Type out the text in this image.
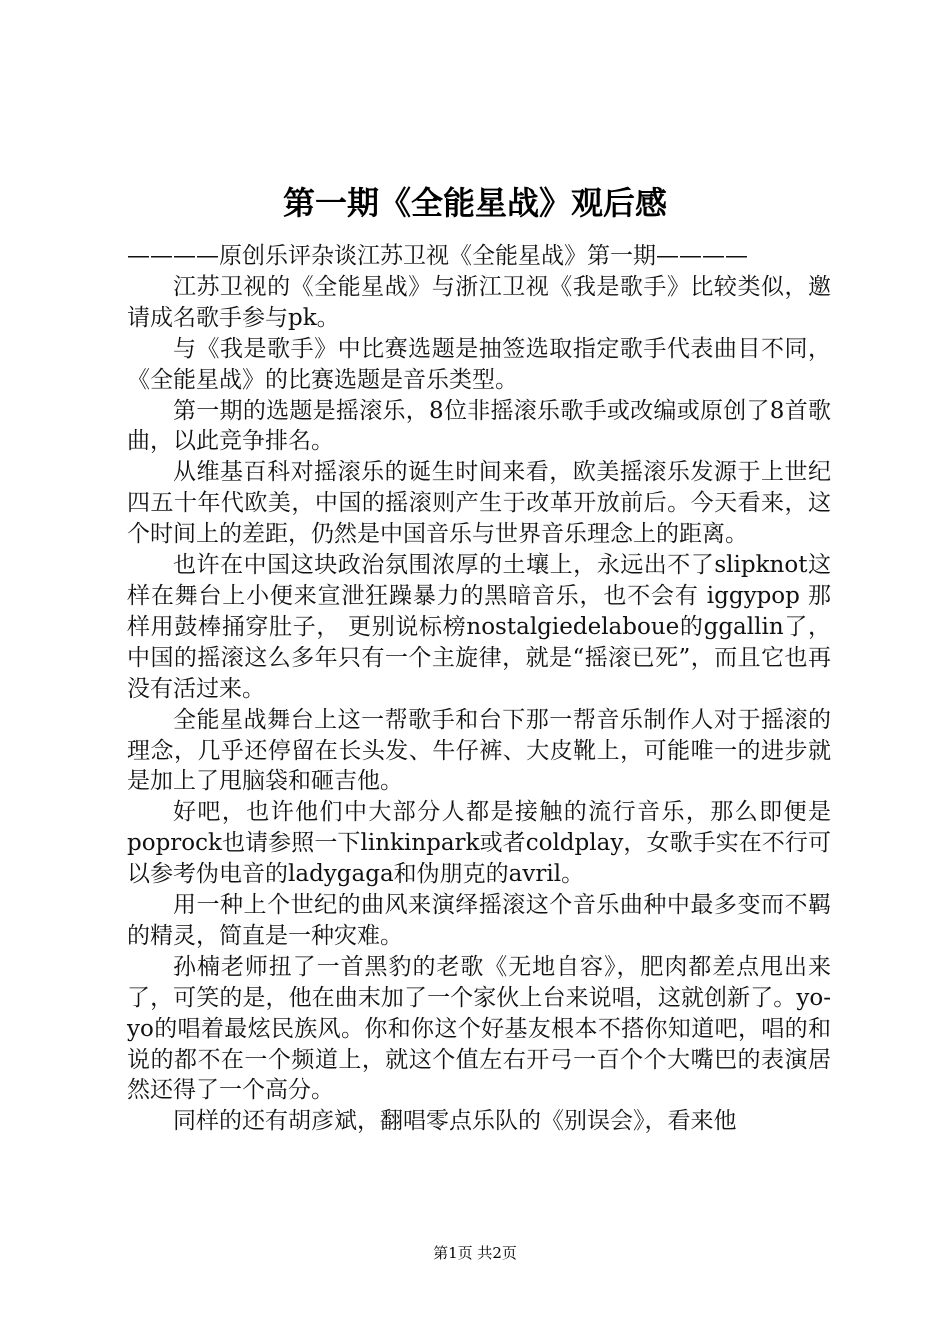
第一期《全能星战》观后感

————原创乐评杂谈江苏卫视《全能星战》第一期————

江苏卫视的《全能星战》与浙江卫视《我是歌手》比较类似，邀请成名歌手参与pk。

与《我是歌手》中比赛选题是抽签选取指定歌手代表曲目不同，《全能星战》的比赛选题是音乐类型。

第一期的选题是摇滚乐，8位非摇滚乐歌手或改编或原创了8首歌曲，以此竞争排名。

从维基百科对摇滚乐的诞生时间来看，欧美摇滚乐发源于上世纪四五十年代欧美，中国的摇滚则产生于改革开放前后。今天看来，这个时间上的差距，仍然是中国音乐与世界音乐理念上的距离。

也许在中国这块政治氛围浓厚的土壤上，永远出不了slipknot这样在舞台上小便来宣泄狂躁暴力的黑暗音乐，也不会有 iggypop 那样用鼓棒捅穿肚子， 更别说标榜nostalgiedelaboue的ggallin了，中国的摇滚这么多年只有一个主旋律，就是“摇滚已死”，而且它也再没有活过来。

全能星战舞台上这一帮歌手和台下那一帮音乐制作人对于摇滚的理念，几乎还停留在长头发、牛仔裤、大皮靴上，可能唯一的进步就是加上了甩脑袋和砸吉他。

好吧，也许他们中大部分人都是接触的流行音乐，那么即便是poprock也请参照一下linkinpark或者coldplay，女歌手实在不行可以参考伪电音的ladygaga和伪朋克的avril。

用一种上个世纪的曲风来演绎摇滚这个音乐曲种中最多变而不羁的精灵，简直是一种灾难。

孙楠老师扭了一首黑豹的老歌《无地自容》，肥肉都差点甩出来了，可笑的是，他在曲末加了一个家伙上台来说唱，这就创新了。yo-yo的唱着最炫民族风。你和你这个好基友根本不搭你知道吧，唱的和说的都不在一个频道上，就这个值左右开弓一百个个大嘴巴的表演居然还得了一个高分。

同样的还有胡彦斌，翻唱零点乐队的《别误会》，看来他

第1页 共2页
